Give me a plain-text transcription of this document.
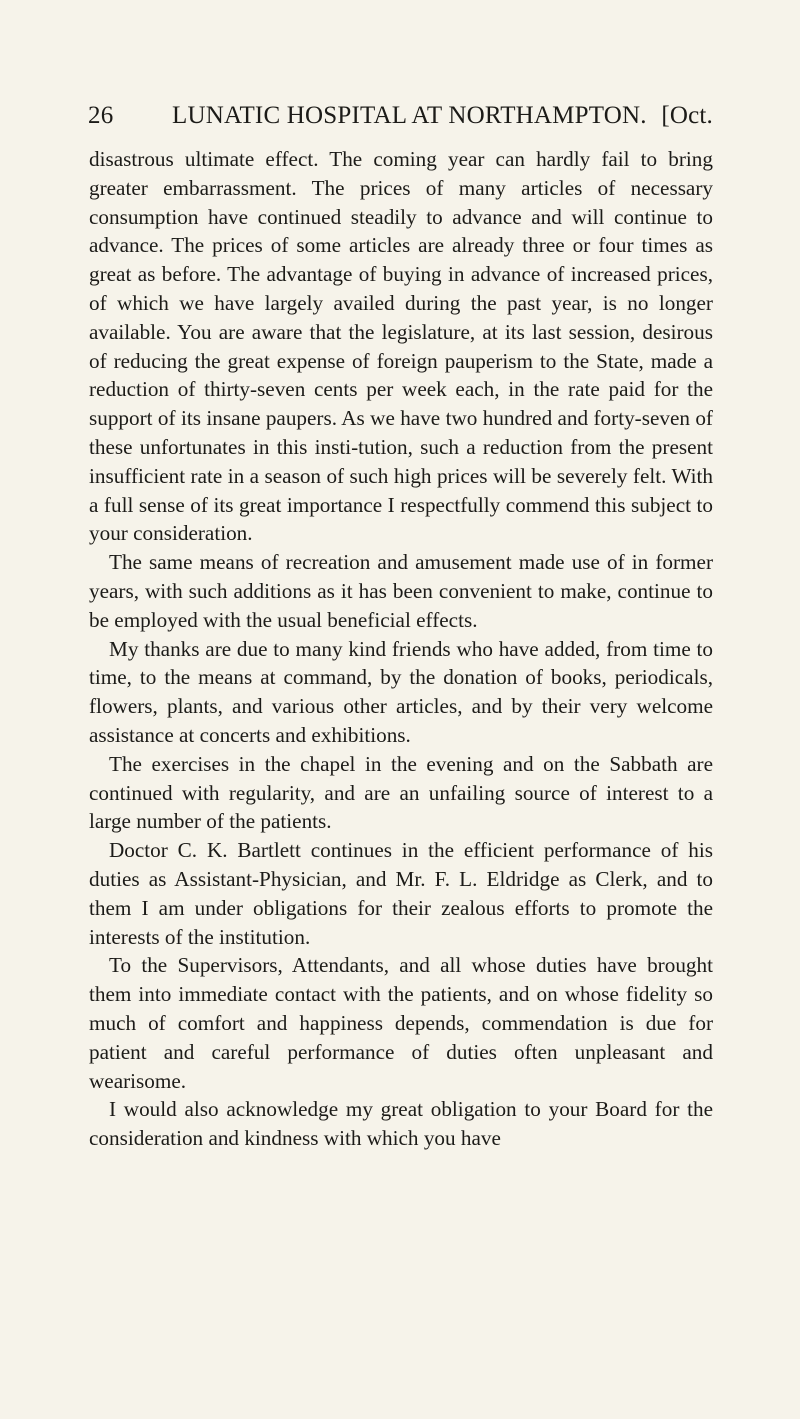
26 LUNATIC HOSPITAL AT NORTHAMPTON. [Oct.

disastrous ultimate effect. The coming year can hardly fail to bring greater embarrassment. The prices of many articles of necessary consumption have continued steadily to advance and will continue to advance. The prices of some articles are already three or four times as great as before. The advantage of buying in advance of increased prices, of which we have largely availed during the past year, is no longer available. You are aware that the legislature, at its last session, desirous of reducing the great expense of foreign pauperism to the State, made a reduction of thirty-seven cents per week each, in the rate paid for the support of its insane paupers. As we have two hundred and forty-seven of these unfortunates in this insti-tution, such a reduction from the present insufficient rate in a season of such high prices will be severely felt. With a full sense of its great importance I respectfully commend this subject to your consideration.

The same means of recreation and amusement made use of in former years, with such additions as it has been convenient to make, continue to be employed with the usual beneficial effects.

My thanks are due to many kind friends who have added, from time to time, to the means at command, by the donation of books, periodicals, flowers, plants, and various other articles, and by their very welcome assistance at concerts and exhibitions.

The exercises in the chapel in the evening and on the Sabbath are continued with regularity, and are an unfailing source of interest to a large number of the patients.

Doctor C. K. Bartlett continues in the efficient performance of his duties as Assistant-Physician, and Mr. F. L. Eldridge as Clerk, and to them I am under obligations for their zealous efforts to promote the interests of the institution.

To the Supervisors, Attendants, and all whose duties have brought them into immediate contact with the patients, and on whose fidelity so much of comfort and happiness depends, commendation is due for patient and careful performance of duties often unpleasant and wearisome.

I would also acknowledge my great obligation to your Board for the consideration and kindness with which you have
